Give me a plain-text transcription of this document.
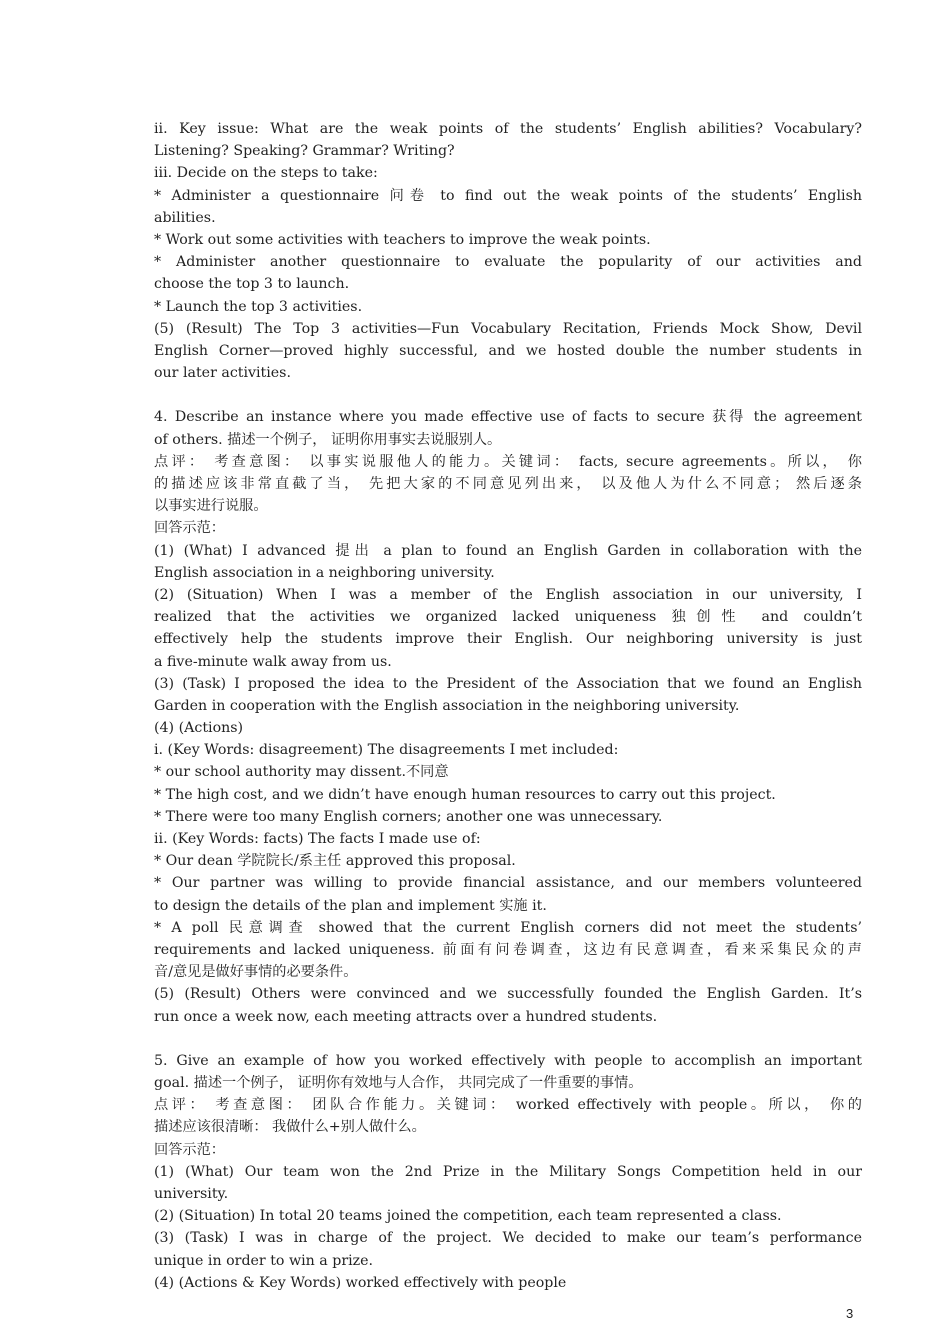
ii. Key issue: What are the weak points of the students’ English abilities? Vocabulary?
Listening? Speaking? Grammar? Writing?
iii. Decide on the steps to take:
* Administer a questionnaire 问卷 to find out the weak points of the students’ English
abilities.
* Work out some activities with teachers to improve the weak points.
* Administer another questionnaire to evaluate the popularity of our activities and
choose the top 3 to launch.
* Launch the top 3 activities.
(5) (Result) The Top 3 activities—Fun Vocabulary Recitation, Friends Mock Show, Devil
English Corner—proved highly successful, and we hosted double the number students in
our later activities.
4. Describe an instance where you made effective use of facts to secure 获得 the agreement
of others. 描述一个例子， 证明你用事实去说服别人。
点评： 考查意图： 以事实说服他人的能力。关键词： facts, secure agreements。所以， 你
的描述应该非常直截了当， 先把大家的不同意见列出来， 以及他人为什么不同意； 然后逐条
以事实进行说服。
回答示范：
(1) (What) I advanced 提出 a plan to found an English Garden in collaboration with the
English association in a neighboring university.
(2) (Situation) When I was a member of the English association in our university, I
realized that the activities we organized lacked uniqueness 独创性 and couldn’t
effectively help the students improve their English. Our neighboring university is just
a five-minute walk away from us.
(3) (Task) I proposed the idea to the President of the Association that we found an English
Garden in cooperation with the English association in the neighboring university.
(4) (Actions)
i. (Key Words: disagreement) The disagreements I met included:
* our school authority may dissent.不同意
* The high cost, and we didn’t have enough human resources to carry out this project.
* There were too many English corners; another one was unnecessary.
ii. (Key Words: facts) The facts I made use of:
* Our dean 学院院长/系主任 approved this proposal.
* Our partner was willing to provide financial assistance, and our members volunteered
to design the details of the plan and implement 实施 it.
* A poll 民意调查 showed that the current English corners did not meet the students’
requirements and lacked uniqueness. 前面有问卷调查，这边有民意调查，看来采集民众的声
音/意见是做好事情的必要条件。
(5) (Result) Others were convinced and we successfully founded the English Garden. It’s
run once a week now, each meeting attracts over a hundred students.
5. Give an example of how you worked effectively with people to accomplish an important
goal. 描述一个例子， 证明你有效地与人合作， 共同完成了一件重要的事情。
点评： 考查意图： 团队合作能力。关键词： worked effectively with people。所以， 你的
描述应该很清晰： 我做什么+别人做什么。
回答示范：
(1) (What) Our team won the 2nd Prize in the Military Songs Competition held in our
university.
(2) (Situation) In total 20 teams joined the competition, each team represented a class.
(3) (Task) I was in charge of the project. We decided to make our team’s performance
unique in order to win a prize.
(4) (Actions & Key Words) worked effectively with people
3
